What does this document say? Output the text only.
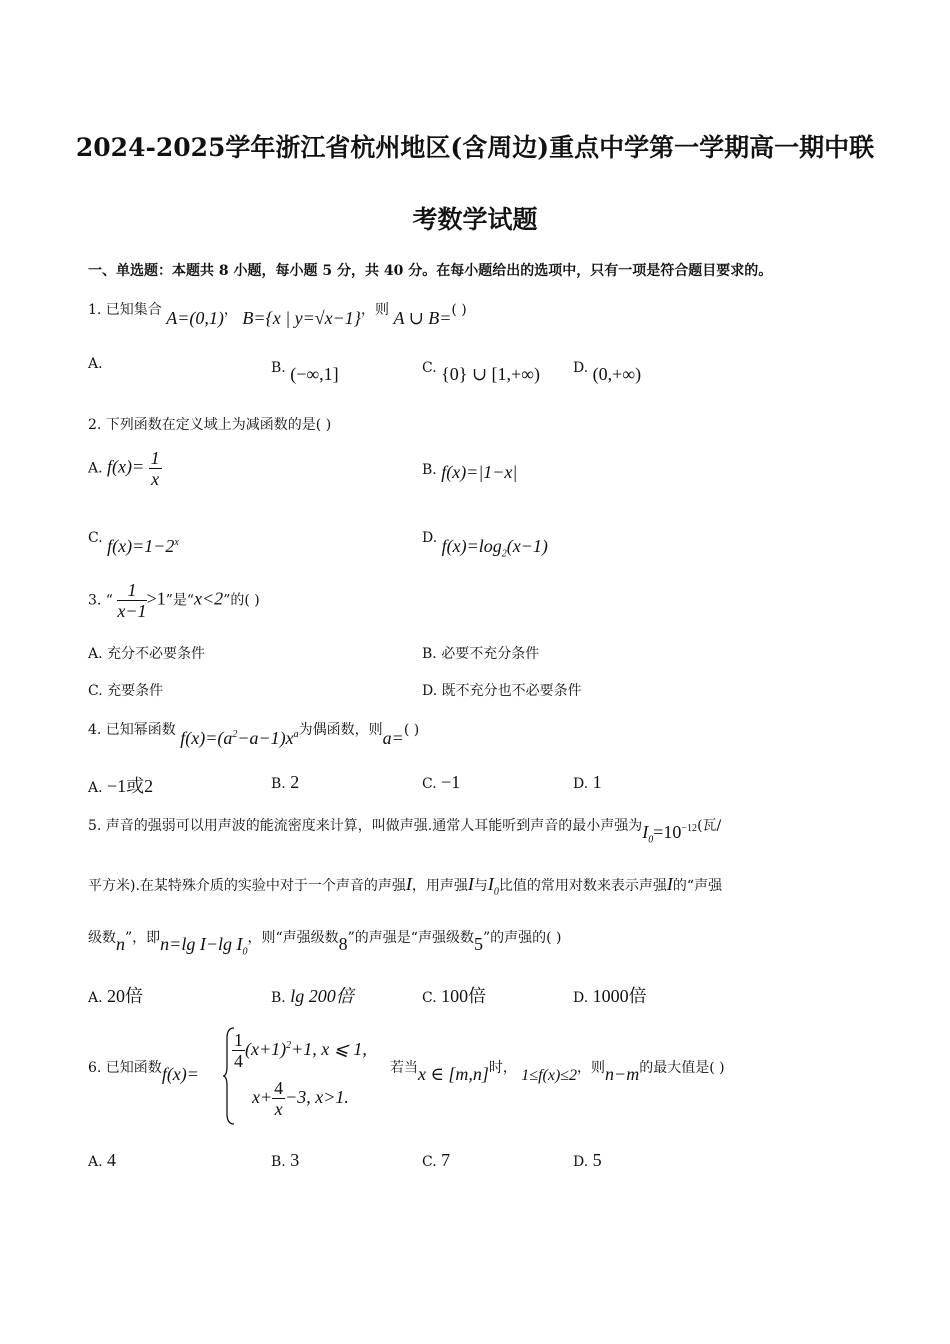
2024-2025学年浙江省杭州地区(含周边)重点中学第一学期高一期中联
考数学试题
一、单选题：本题共 8 小题，每小题 5 分，共 40 分。在每小题给出的选项中，只有一项是符合题目要求的。
1. 已知集合 A=(0,1)， B={x | y=√x−1}，则 A ∪ B=( )
A.	B. (−∞,1]	C. {0} ∪ [1,+∞) D. (0,+∞)
2. 下列函数在定义域上为减函数的是( )
A. $f(x)= \frac{1}{x}$	B. f(x)=|1−x|
C. $f(x)=1-2^x$	D. $f(x)=\log_2(x-1)$
3. “ $\frac{1}{x-1} >1$”是“x<2”的( )
A. 充分不必要条件	B. 必要不充分条件
C. 充要条件	D. 既不充分也不必要条件
4. 已知幂函数 $f(x)=(a^2-a-1)x^a$为偶函数，则a=( )
A. −1或2	B. 2	C. −1	D. 1
5. 声音的强弱可以用声波的能流密度来计算，叫做声强.通常人耳能听到声音的最小声强为$I_0=10^{-12}$(瓦/
平方米).在某特殊介质的实验中对于一个声音的声强I，用声强I与$I_0$比值的常用对数来表示声强I的“声强
级数n”，即n=lg I−lg $I_0$，则“声强级数8”的声强是“声强级数5”的声强的( )
A. 20倍	B. lg 200倍	C. 100倍	D. 1000倍
6. 已知函数f(x)=
$\frac{1}{4} (x+1)^2+1$, x ⩽ 1,
$x+ \frac{4}{x} -3$, x>1.
若当x ∈ [m,n]时， 1≤f(x)≤2，则n−m的最大值是( )
A. 4	B. 3	C. 7	D. 5
